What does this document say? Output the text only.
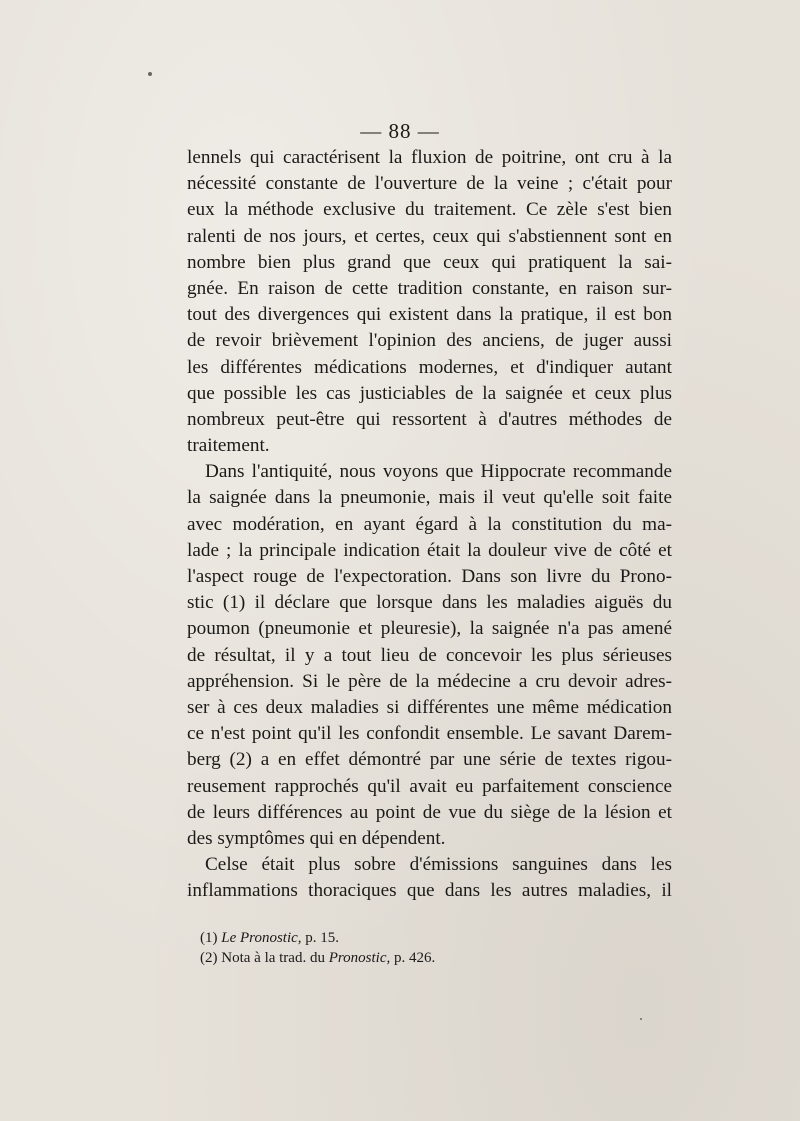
— 88 —
lennels qui caractérisent la fluxion de poitrine, ont cru à la
nécessité constante de l'ouverture de la veine ; c'était pour
eux la méthode exclusive du traitement. Ce zèle s'est bien
ralenti de nos jours, et certes, ceux qui s'abstiennent sont en
nombre bien plus grand que ceux qui pratiquent la sai-
gnée. En raison de cette tradition constante, en raison sur-
tout des divergences qui existent dans la pratique, il est bon
de revoir brièvement l'opinion des anciens, de juger aussi
les différentes médications modernes, et d'indiquer autant
que possible les cas justiciables de la saignée et ceux plus
nombreux peut-être qui ressortent à d'autres méthodes de
traitement.
Dans l'antiquité, nous voyons que Hippocrate recommande
la saignée dans la pneumonie, mais il veut qu'elle soit faite
avec modération, en ayant égard à la constitution du ma-
lade ; la principale indication était la douleur vive de côté et
l'aspect rouge de l'expectoration. Dans son livre du Prono-
stic (1) il déclare que lorsque dans les maladies aiguës du
poumon (pneumonie et pleuresie), la saignée n'a pas amené
de résultat, il y a tout lieu de concevoir les plus sérieuses
appréhension. Si le père de la médecine a cru devoir adres-
ser à ces deux maladies si différentes une même médication
ce n'est point qu'il les confondit ensemble. Le savant Darem-
berg (2) a en effet démontré par une série de textes rigou-
reusement rapprochés qu'il avait eu parfaitement conscience
de leurs différences au point de vue du siège de la lésion et
des symptômes qui en dépendent.
Celse était plus sobre d'émissions sanguines dans les
inflammations thoraciques que dans les autres maladies, il
(1) Le Pronostic, p. 15.
(2) Nota à la trad. du Pronostic, p. 426.
